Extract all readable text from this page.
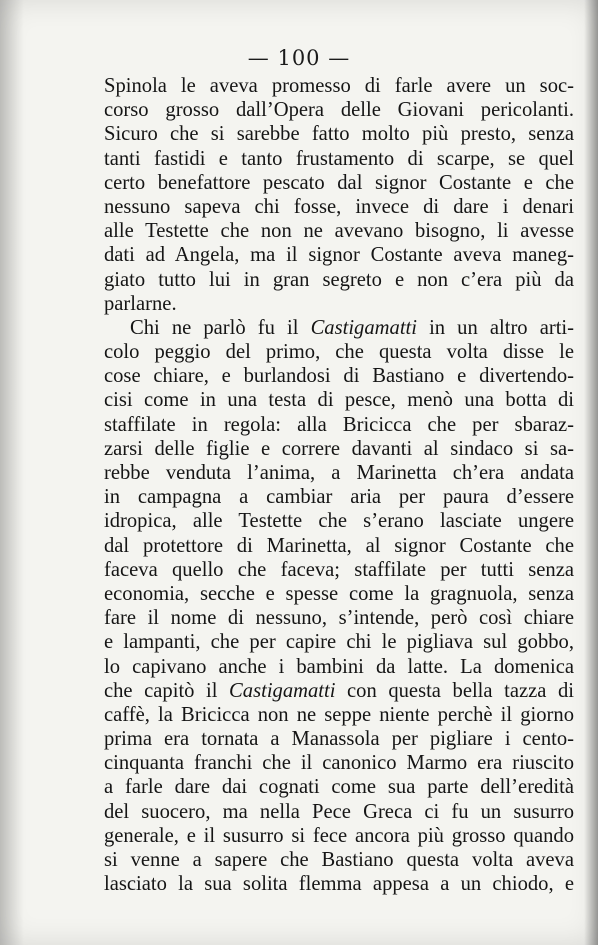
— 100 —
Spinola le aveva promesso di farle avere un soc-
corso grosso dall’Opera delle Giovani pericolanti.
Sicuro che si sarebbe fatto molto più presto, senza
tanti fastidi e tanto frustamento di scarpe, se quel
certo benefattore pescato dal signor Costante e che
nessuno sapeva chi fosse, invece di dare i denari
alle Testette che non ne avevano bisogno, li avesse
dati ad Angela, ma il signor Costante aveva maneg-
giato tutto lui in gran segreto e non c’era più da
parlarne.
Chi ne parlò fu il Castigamatti in un altro arti-
colo peggio del primo, che questa volta disse le
cose chiare, e burlandosi di Bastiano e divertendo-
cisi come in una testa di pesce, menò una botta di
staffilate in regola: alla Bricicca che per sbaraz-
zarsi delle figlie e correre davanti al sindaco si sa-
rebbe venduta l’anima, a Marinetta ch’era andata
in campagna a cambiar aria per paura d’essere
idropica, alle Testette che s’erano lasciate ungere
dal protettore di Marinetta, al signor Costante che
faceva quello che faceva; staffilate per tutti senza
economia, secche e spesse come la gragnuola, senza
fare il nome di nessuno, s’intende, però così chiare
e lampanti, che per capire chi le pigliava sul gobbo,
lo capivano anche i bambini da latte. La domenica
che capitò il Castigamatti con questa bella tazza di
caffè, la Bricicca non ne seppe niente perchè il giorno
prima era tornata a Manassola per pigliare i cento-
cinquanta franchi che il canonico Marmo era riuscito
a farle dare dai cognati come sua parte dell’eredità
del suocero, ma nella Pece Greca ci fu un susurro
generale, e il susurro si fece ancora più grosso quando
si venne a sapere che Bastiano questa volta aveva
lasciato la sua solita flemma appesa a un chiodo, e
